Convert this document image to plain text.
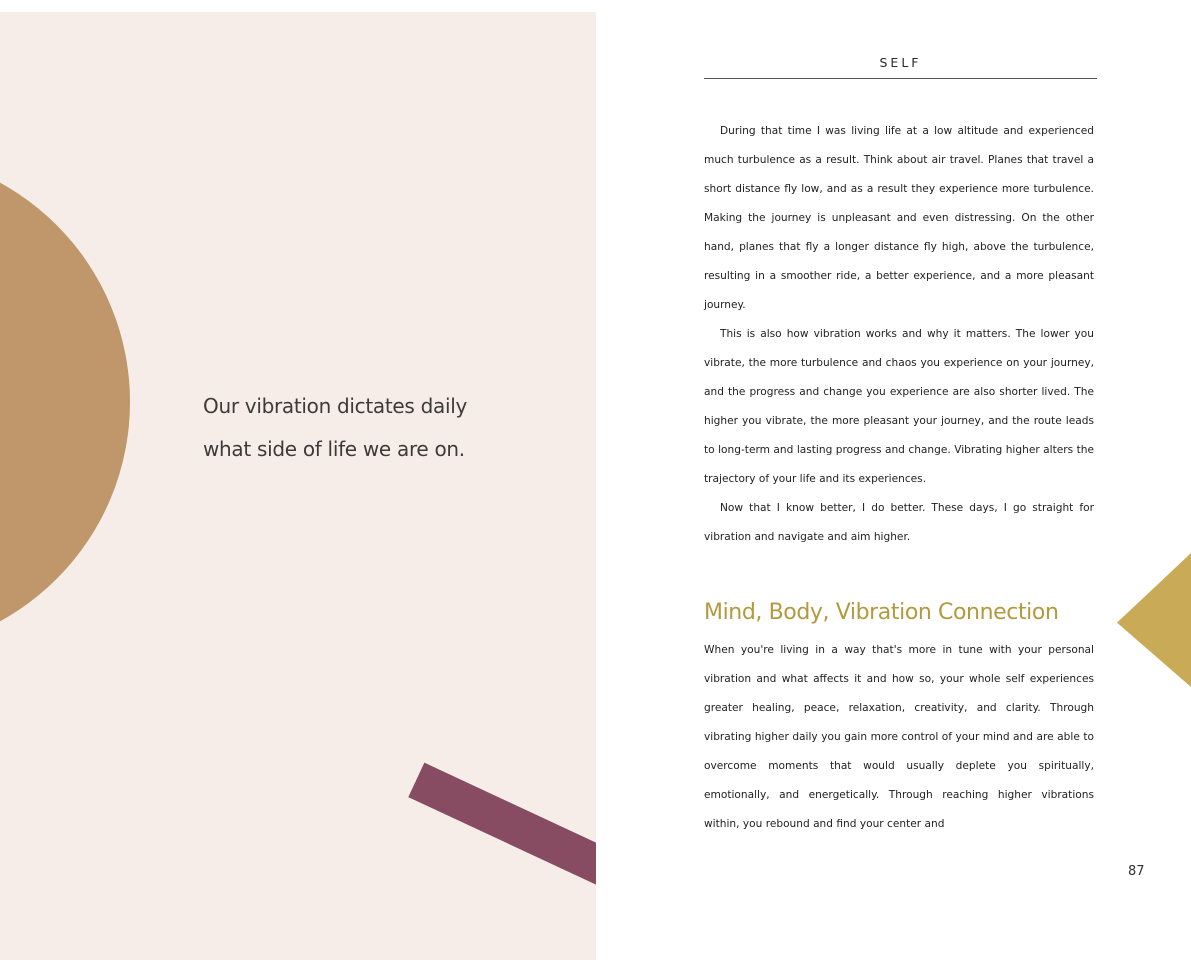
Our vibration dictates daily
what side of life we are on.

SELF

During that time I was living life at a low altitude and experienced much turbulence as a result. Think about air travel. Planes that travel a short distance fly low, and as a result they experience more turbulence. Making the journey is unpleasant and even distressing. On the other hand, planes that fly a longer distance fly high, above the turbulence, resulting in a smoother ride, a better experience, and a more pleasant journey.

This is also how vibration works and why it matters. The lower you vibrate, the more turbulence and chaos you experience on your journey, and the progress and change you experience are also shorter lived. The higher you vibrate, the more pleasant your journey, and the route leads to long-term and lasting progress and change. Vibrating higher alters the trajectory of your life and its experiences.

Now that I know better, I do better. These days, I go straight for vibration and navigate and aim higher.

Mind, Body, Vibration Connection

When you're living in a way that's more in tune with your personal vibration and what affects it and how so, your whole self experiences greater healing, peace, relaxation, creativity, and clarity. Through vibrating higher daily you gain more control of your mind and are able to overcome moments that would usually deplete you spiritually, emotionally, and energetically. Through reaching higher vibrations within, you rebound and find your center and

87
